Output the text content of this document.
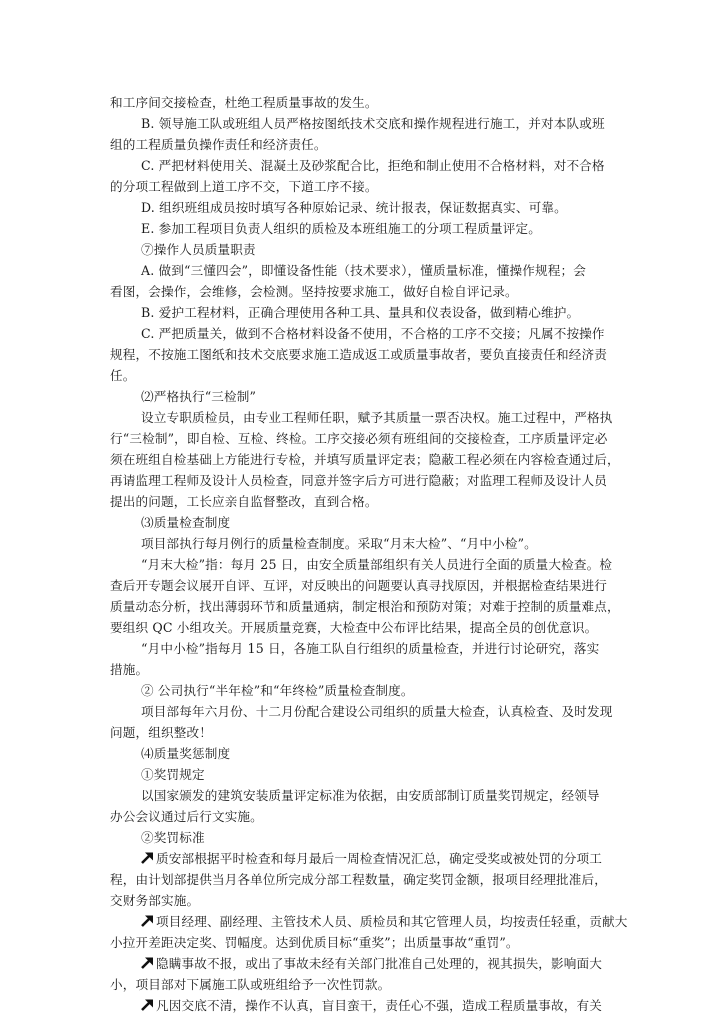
和工序间交接检查，杜绝工程质量事故的发生。
B. 领导施工队或班组人员严格按图纸技术交底和操作规程进行施工，并对本队或班
组的工程质量负操作责任和经济责任。
C. 严把材料使用关、混凝土及砂浆配合比，拒绝和制止使用不合格材料，对不合格
的分项工程做到上道工序不交，下道工序不接。
D. 组织班组成员按时填写各种原始记录、统计报表，保证数据真实、可靠。
E. 参加工程项目负责人组织的质检及本班组施工的分项工程质量评定。
⑦操作人员质量职责
A. 做到“三懂四会”，即懂设备性能（技术要求），懂质量标准，懂操作规程；会
看图，会操作，会维修，会检测。坚持按要求施工，做好自检自评记录。
B. 爱护工程材料，正确合理使用各种工具、量具和仪表设备，做到精心维护。
C. 严把质量关，做到不合格材料设备不使用，不合格的工序不交接；凡属不按操作
规程，不按施工图纸和技术交底要求施工造成返工或质量事故者，要负直接责任和经济责
任。
⑵严格执行“三检制”
设立专职质检员，由专业工程师任职，赋予其质量一票否决权。施工过程中，严格执
行“三检制”，即自检、互检、终检。工序交接必须有班组间的交接检查，工序质量评定必
须在班组自检基础上方能进行专检，并填写质量评定表；隐蔽工程必须在内容检查通过后，
再请监理工程师及设计人员检查，同意并签字后方可进行隐蔽；对监理工程师及设计人员
提出的问题，工长应亲自监督整改，直到合格。
⑶质量检查制度
项目部执行每月例行的质量检查制度。采取“月末大检”、“月中小检”。
“月末大检”指：每月 25 日，由安全质量部组织有关人员进行全面的质量大检查。检
查后开专题会议展开自评、互评，对反映出的问题要认真寻找原因，并根据检查结果进行
质量动态分析，找出薄弱环节和质量通病，制定根治和预防对策；对难于控制的质量难点，
要组织 QC 小组攻关。开展质量竞赛，大检查中公布评比结果，提高全员的创优意识。
“月中小检”指每月 15 日，各施工队自行组织的质量检查，并进行讨论研究，落实
措施。
② 公司执行“半年检”和“年终检”质量检查制度。
项目部每年六月份、十二月份配合建设公司组织的质量大检查，认真检查、及时发现
问题，组织整改！
⑷质量奖惩制度
①奖罚规定
以国家颁发的建筑安装质量评定标准为依据，由安质部制订质量奖罚规定，经领导
办公会议通过后行文实施。
②奖罚标准
质安部根据平时检查和每月最后一周检查情况汇总，确定受奖或被处罚的分项工
程，由计划部提供当月各单位所完成分部工程数量，确定奖罚金额，报项目经理批准后，
交财务部实施。
项目经理、副经理、主管技术人员、质检员和其它管理人员，均按责任轻重，贡献大
小拉开差距决定奖、罚幅度。达到优质目标“重奖”；出质量事故“重罚”。
隐瞒事故不报，或出了事故未经有关部门批准自己处理的，视其损失，影响面大
小，项目部对下属施工队或班组给予一次性罚款。
凡因交底不清，操作不认真，盲目蛮干，责任心不强，造成工程质量事故，有关
